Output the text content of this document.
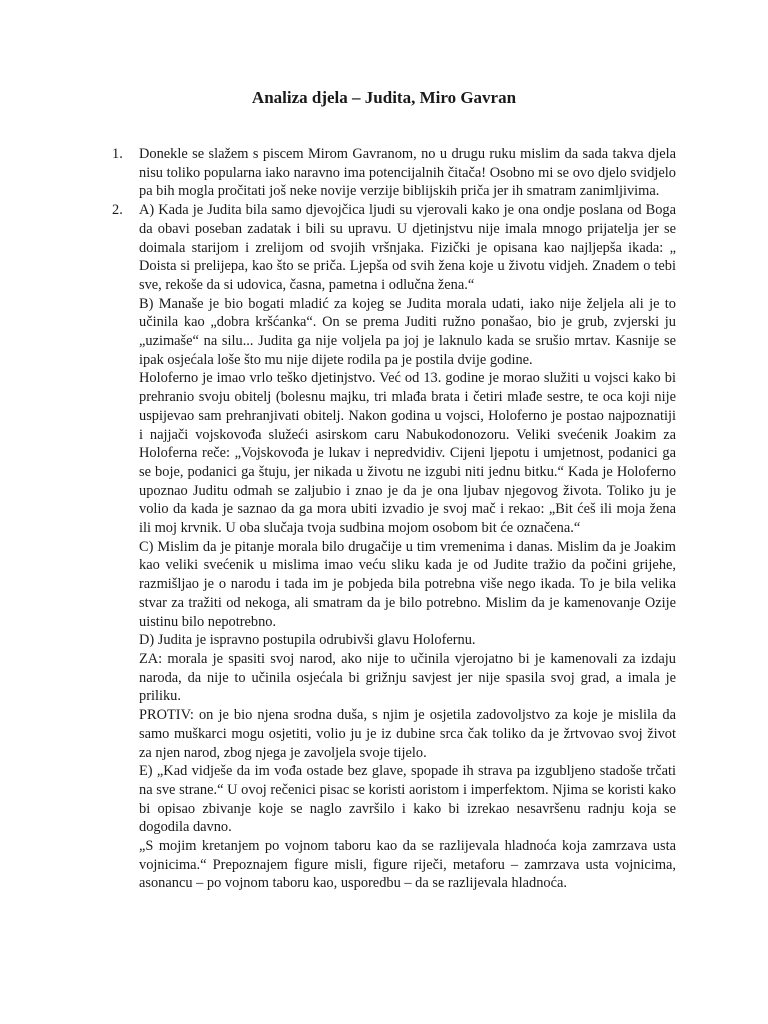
Analiza djela – Judita, Miro Gavran
1. Donekle se slažem s piscem Mirom Gavranom, no u drugu ruku mislim da sada takva djela nisu toliko popularna iako naravno ima potencijalnih čitača! Osobno mi se ovo djelo svidjelo pa bih mogla pročitati još neke novije verzije biblijskih priča jer ih smatram zanimljivima.

2. A) Kada je Judita bila samo djevojčica ljudi su vjerovali kako je ona ondje poslana od Boga da obavi poseban zadatak i bili su upravu. U djetinjstvu nije imala mnogo prijatelja jer se doimala starijom i zrelijom od svojih vršnjaka. Fizički je opisana kao najljepša ikada: „ Doista si prelijepa, kao što se priča. Ljepša od svih žena koje u životu vidjeh. Znadem o tebi sve, rekoše da si udovica, časna, pametna i odlučna žena.“

B) Manaše je bio bogati mladić za kojeg se Judita morala udati, iako nije željela ali je to učinila kao „dobra kršćanka“. On se prema Juditi ružno ponašao, bio je grub, zvjerski ju „uzimaše“ na silu... Judita ga nije voljela pa joj je laknulo kada se srušio mrtav. Kasnije se ipak osjećala loše što mu nije dijete rodila pa je postila dvije godine.

Holoferno je imao vrlo teško djetinjstvo. Već od 13. godine je morao služiti u vojsci kako bi prehranio svoju obitelj (bolesnu majku, tri mlađa brata i četiri mlađe sestre, te oca koji nije uspijevao sam prehranjivati obitelj. Nakon godina u vojsci, Holoferno je postao najpoznatiji i najjači vojskovođa služeći asirskom caru Nabukodonozoru. Veliki svećenik Joakim za Holoferna reče: „Vojskovođa je lukav i nepredvidiv. Cijeni ljepotu i umjetnost, podanici ga se boje, podanici ga štuju, jer nikada u životu ne izgubi niti jednu bitku.“ Kada je Holoferno upoznao Juditu odmah se zaljubio i znao je da je ona ljubav njegovog života. Toliko ju je volio da kada je saznao da ga mora ubiti izvadio je svoj mač i rekao: „Bit ćeš ili moja žena ili moj krvnik. U oba slučaja tvoja sudbina mojom osobom bit će označena.“

C) Mislim da je pitanje morala bilo drugačije u tim vremenima i danas. Mislim da je Joakim kao veliki svećenik u mislima imao veću sliku kada je od Judite tražio da počini grijehe, razmišljao je o narodu i tada im je pobjeda bila potrebna više nego ikada. To je bila velika stvar za tražiti od nekoga, ali smatram da je bilo potrebno. Mislim da je kamenovanje Ozije uistinu bilo nepotrebno.

D) Judita je ispravno postupila odrubivši glavu Holofernu.

ZA: morala je spasiti svoj narod, ako nije to učinila vjerojatno bi je kamenovali za izdaju naroda, da nije to učinila osjećala bi grižnju savjest jer nije spasila svoj grad, a imala je priliku.

PROTIV: on je bio njena srodna duša, s njim je osjetila zadovoljstvo za koje je mislila da samo muškarci mogu osjetiti, volio ju je iz dubine srca čak toliko da je žrtvovao svoj život za njen narod, zbog njega je zavoljela svoje tijelo.

E) „Kad vidješe da im vođa ostade bez glave, spopade ih strava pa izgubljeno stadoše trčati na sve strane.“ U ovoj rečenici pisac se koristi aoristom i imperfektom. Njima se koristi kako bi opisao zbivanje koje se naglo završilo i kako bi izrekao nesavršenu radnju koja se dogodila davno.

„S mojim kretanjem po vojnom taboru kao da se razlijevala hladnoća koja zamrzava usta vojnicima.“ Prepoznajem figure misli, figure riječi, metaforu – zamrzava usta vojnicima, asonancu – po vojnom taboru kao, usporedbu – da se razlijevala hladnoća.
